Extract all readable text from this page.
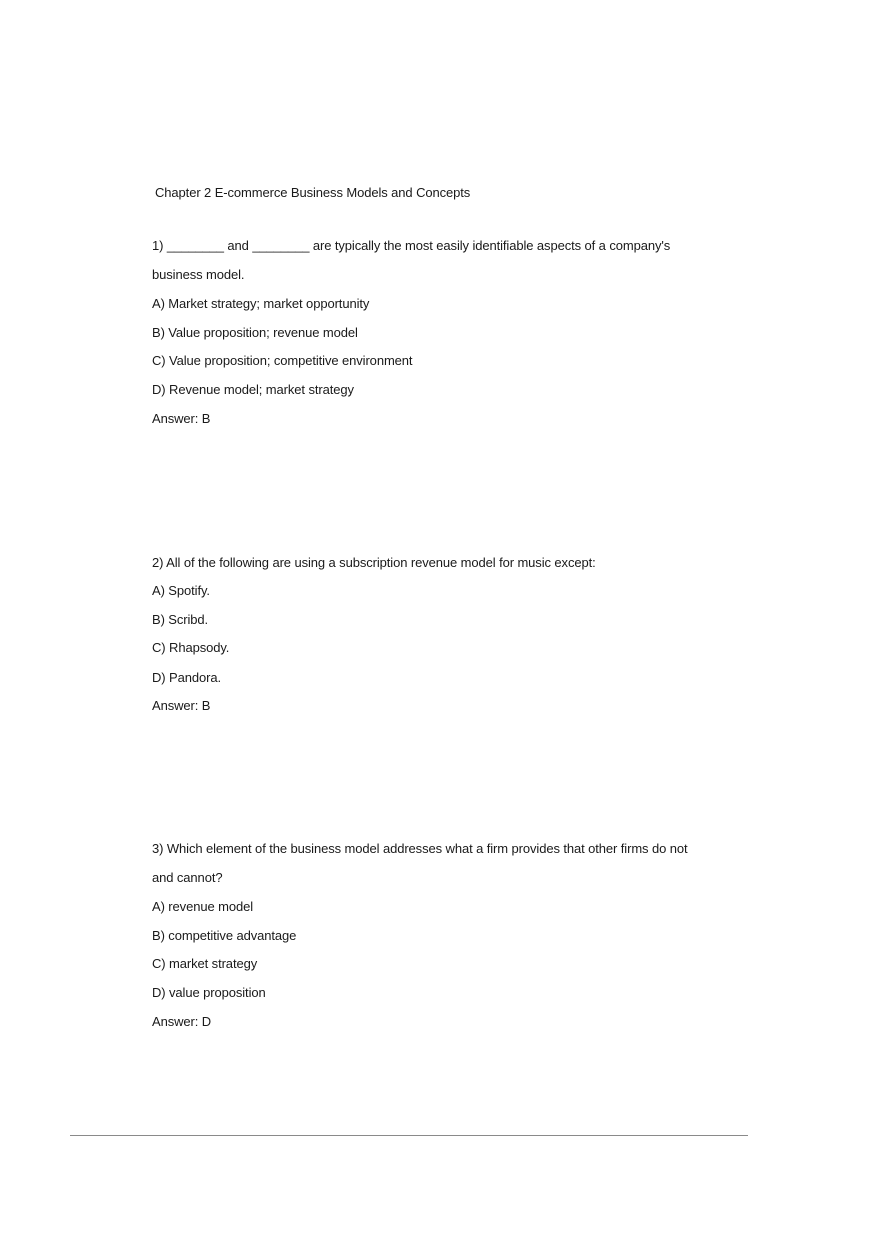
Chapter 2 E-commerce Business Models and Concepts
1) ________ and ________ are typically the most easily identifiable aspects of a company's
business model.
A) Market strategy; market opportunity
B) Value proposition; revenue model
C) Value proposition; competitive environment
D) Revenue model; market strategy
Answer: B
2) All of the following are using a subscription revenue model for music except:
A) Spotify.
B) Scribd.
C) Rhapsody.
D) Pandora.
Answer: B
3) Which element of the business model addresses what a firm provides that other firms do not
and cannot?
A) revenue model
B) competitive advantage
C) market strategy
D) value proposition
Answer: D
